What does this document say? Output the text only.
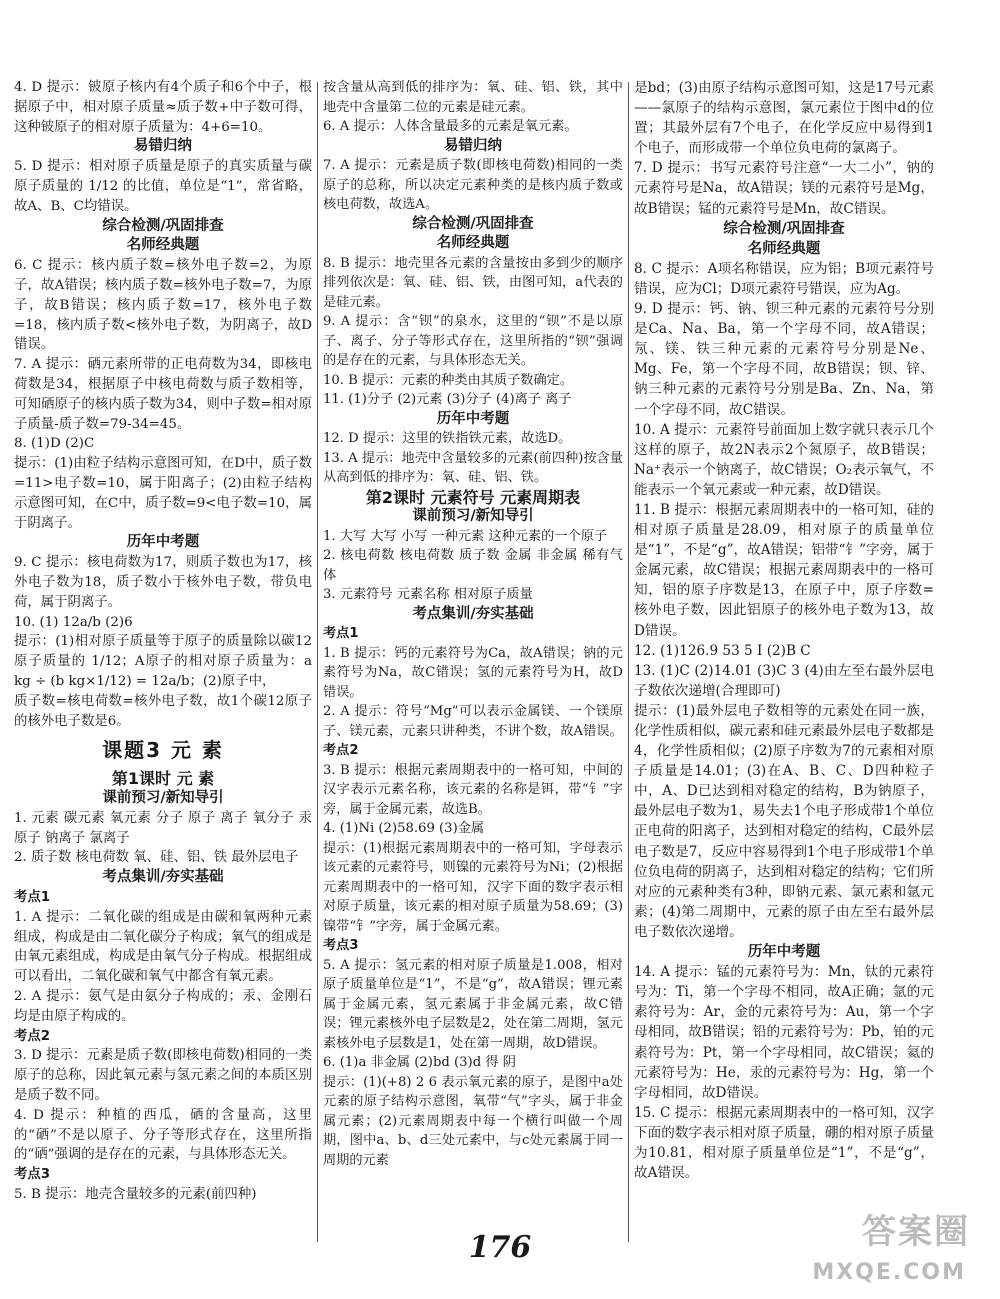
4. D 提示：铍原子核内有4个质子和6个中子，根据原子中，相对原子质量≈质子数+中子数可得，这种铍原子的相对原子质量为：4+6=10。

易错归纳

5. D 提示：相对原子质量是原子的真实质量与碳原子质量的 1/12 的比值，单位是“1”，常省略，故A、B、C均错误。

综合检测/巩固排查

名师经典题

6. C 提示：核内质子数=核外电子数=2，为原子，故A错误；核内质子数=核外电子数=7，为原子，故B错误；核内质子数=17，核外电子数=18，核内质子数<核外电子数，为阴离子，故D错误。

7. A 提示：硒元素所带的正电荷数为34，即核电荷数是34，根据原子中核电荷数与质子数相等，可知硒原子的核内质子数为34，则中子数=相对原子质量-质子数=79-34=45。

8. (1)D (2)C

提示：(1)由粒子结构示意图可知，在D中，质子数=11>电子数=10，属于阳离子；(2)由粒子结构示意图可知，在C中，质子数=9<电子数=10，属于阴离子。

历年中考题

9. C 提示：核电荷数为17，则质子数也为17，核外电子数为18，质子数小于核外电子数，带负电荷，属于阴离子。

10. (1) 12a/b (2)6

提示：(1)相对原子质量等于原子的质量除以碳12原子质量的 1/12；A原子的相对原子质量为：a kg ÷ (b kg×1/12) = 12a/b；(2)原子中，

质子数=核电荷数=核外电子数，故1个碳12原子的核外电子数是6。

课题3 元 素

第1课时 元 素

课前预习/新知导引

1. 元素 碳元素 氧元素 分子 原子 离子 氧分子 汞原子 钠离子 氯离子

2. 质子数 核电荷数 氧、硅、铝、铁 最外层电子

考点集训/夯实基础

考点1

1. A 提示：二氧化碳的组成是由碳和氧两种元素组成，构成是由二氧化碳分子构成；氧气的组成是由氧元素组成，构成是由氧气分子构成。根据组成可以看出，二氧化碳和氧气中都含有氧元素。

2. A 提示：氨气是由氨分子构成的；汞、金刚石均是由原子构成的。

考点2

3. D 提示：元素是质子数(即核电荷数)相同的一类原子的总称，因此氧元素与氢元素之间的本质区别是质子数不同。

4. D 提示：种植的西瓜，硒的含量高，这里的“硒”不是以原子、分子等形式存在，这里所指的“硒”强调的是存在的元素，与具体形态无关。

考点3

5. B 提示：地壳含量较多的元素(前四种)

按含量从高到低的排序为：氧、硅、铝、铁，其中地壳中含量第二位的元素是硅元素。

6. A 提示：人体含量最多的元素是氧元素。

易错归纳

7. A 提示：元素是质子数(即核电荷数)相同的一类原子的总称，所以决定元素种类的是核内质子数或核电荷数，故选A。

综合检测/巩固排查

名师经典题

8. B 提示：地壳里各元素的含量按由多到少的顺序排列依次是：氧、硅、铝、铁，由图可知，a代表的是硅元素。

9. A 提示：含“钡”的泉水，这里的“钡”不是以原子、离子、分子等形式存在，这里所指的“钡”强调的是存在的元素，与具体形态无关。

10. B 提示：元素的种类由其质子数确定。

11. (1)分子 (2)元素 (3)分子 (4)离子 离子

历年中考题

12. D 提示：这里的铁指铁元素，故选D。

13. A 提示：地壳中含量较多的元素(前四种)按含量从高到低的排序为：氧、硅、铝、铁。

第2课时 元素符号 元素周期表

课前预习/新知导引

1. 大写 大写 小写 一种元素 这种元素的一个原子

2. 核电荷数 核电荷数 质子数 金属 非金属 稀有气体

3. 元素符号 元素名称 相对原子质量

考点集训/夯实基础

考点1

1. B 提示：钙的元素符号为Ca，故A错误；钠的元素符号为Na，故C错误；氢的元素符号为H，故D错误。

2. A 提示：符号“Mg”可以表示金属镁、一个镁原子、镁元素，元素只讲种类，不讲个数，故A错误。

考点2

3. B 提示：根据元素周期表中的一格可知，中间的汉字表示元素名称，该元素的名称是铒，带“钅”字旁，属于金属元素，故选B。

4. (1)Ni (2)58.69 (3)金属

提示：(1)根据元素周期表中的一格可知，字母表示该元素的元素符号，则镍的元素符号为Ni；(2)根据元素周期表中的一格可知，汉字下面的数字表示相对原子质量，该元素的相对原子质量为58.69；(3)镍带“钅”字旁，属于金属元素。

考点3

5. A 提示：氢元素的相对原子质量是1.008，相对原子质量单位是“1”，不是“g”，故A错误；锂元素属于金属元素，氢元素属于非金属元素，故C错误；锂元素核外电子层数是2，处在第二周期，氢元素核外电子层数是1，处在第一周期，故D错误。

6. (1)a 非金属 (2)bd (3)d 得 阴

提示：(1)(+8) 2 6 表示氧元素的原子，是图中a处元素的原子结构示意图，氧带“气”字头，属于非金属元素；(2)元素周期表中每一个横行叫做一个周期，图中a、b、d三处元素中，与c处元素属于同一周期的元素

是bd；(3)由原子结构示意图可知，这是17号元素——氯原子的结构示意图，氯元素位于图中d的位置；其最外层有7个电子，在化学反应中易得到1个电子，而形成带一个单位负电荷的氯离子。

7. D 提示：书写元素符号注意“一大二小”，钠的元素符号是Na，故A错误；镁的元素符号是Mg，故B错误；锰的元素符号是Mn，故C错误。

综合检测/巩固排查

名师经典题

8. C 提示：A项名称错误，应为铝；B项元素符号错误，应为Cl；D项元素符号错误，应为Ag。

9. D 提示：钙、钠、钡三种元素的元素符号分别是Ca、Na、Ba，第一个字母不同，故A错误；氖、镁、铁三种元素的元素符号分别是Ne、Mg、Fe，第一个字母不同，故B错误；钡、锌、钠三种元素的元素符号分别是Ba、Zn、Na，第一个字母不同，故C错误。

10. A 提示：元素符号前面加上数字就只表示几个这样的原子，故2N表示2个氮原子，故B错误；Na⁺表示一个钠离子，故C错误；O₂表示氧气，不能表示一个氧元素或一种元素，故D错误。

11. B 提示：根据元素周期表中的一格可知，硅的相对原子质量是28.09，相对原子的质量单位是“1”，不是“g”，故A错误；铝带“钅”字旁，属于金属元素，故C错误；根据元素周期表中的一格可知，铝的原子序数是13，在原子中，原子序数=核外电子数，因此铝原子的核外电子数为13，故D错误。

12. (1)126.9 53 5 I (2)B C

13. (1)C (2)14.01 (3)C 3 (4)由左至右最外层电子数依次递增(合理即可)

提示：(1)最外层电子数相等的元素处在同一族，化学性质相似，碳元素和硅元素最外层电子数都是4，化学性质相似；(2)原子序数为7的元素相对原子质量是14.01；(3)在A、B、C、D四种粒子中，A、D已达到相对稳定的结构，B为钠原子，最外层电子数为1，易失去1个电子形成带1个单位正电荷的阳离子，达到相对稳定的结构，C最外层电子数是7，反应中容易得到1个电子形成带1个单位负电荷的阴离子，达到相对稳定的结构；它们所对应的元素种类有3种，即钠元素、氯元素和氩元素；(4)第二周期中，元素的原子由左至右最外层电子数依次递增。

历年中考题

14. A 提示：锰的元素符号为：Mn，钛的元素符号为：Ti，第一个字母不相同，故A正确；氩的元素符号为：Ar，金的元素符号为：Au，第一个字母相同，故B错误；铅的元素符号为：Pb，铂的元素符号为：Pt，第一个字母相同，故C错误；氦的元素符号为：He，汞的元素符号为：Hg，第一个字母相同，故D错误。

15. C 提示：根据元素周期表中的一格可知，汉字下面的数字表示相对原子质量，硼的相对原子质量为10.81，相对原子质量单位是“1”，不是“g”，故A错误。

176	答案圈
MXQE.COM
